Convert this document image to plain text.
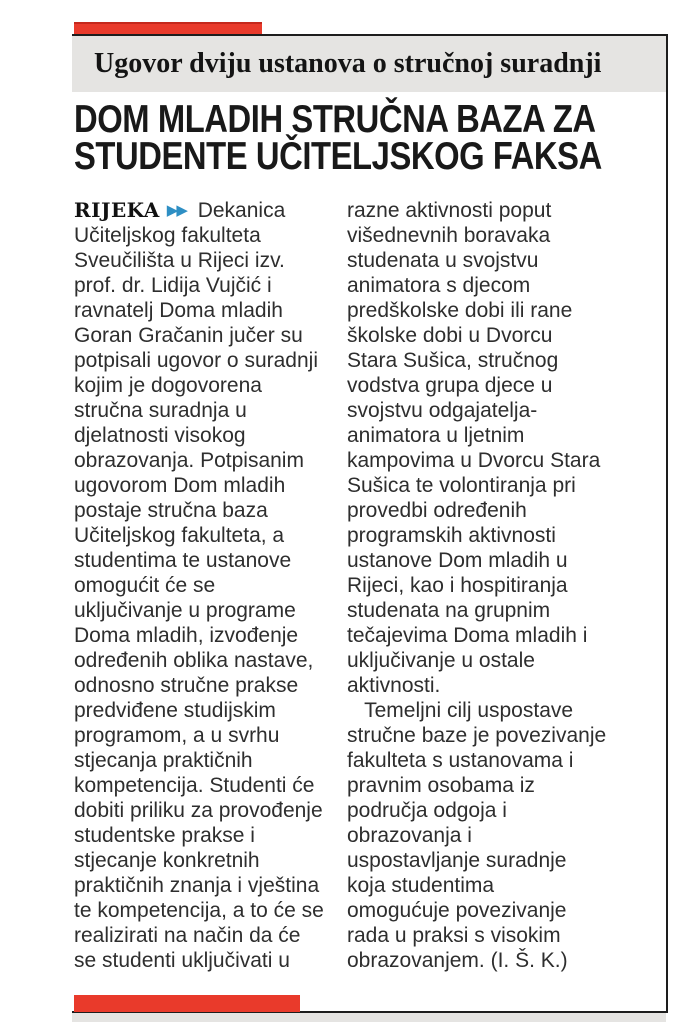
Ugovor dviju ustanova o stručnoj suradnji
DOM MLADIH STRUČNA BAZA ZA
STUDENTE UČITELJSKOG FAKSA
RIJEKA ▶▶ Dekanica
Učiteljskog fakulteta
Sveučilišta u Rijeci izv.
prof. dr. Lidija Vujčić i
ravnatelj Doma mladih
Goran Gračanin jučer su
potpisali ugovor o suradnji
kojim je dogovorena
stručna suradnja u
djelatnosti visokog
obrazovanja. Potpisanim
ugovorom Dom mladih
postaje stručna baza
Učiteljskog fakulteta, a
studentima te ustanove
omogućit će se
uključivanje u programe
Doma mladih, izvođenje
određenih oblika nastave,
odnosno stručne prakse
predviđene studijskim
programom, a u svrhu
stjecanja praktičnih
kompetencija. Studenti će
dobiti priliku za provođenje
studentske prakse i
stjecanje konkretnih
praktičnih znanja i vještina
te kompetencija, a to će se
realizirati na način da će
se studenti uključivati u
razne aktivnosti poput
višednevnih boravaka
studenata u svojstvu
animatora s djecom
predškolske dobi ili rane
školske dobi u Dvorcu
Stara Sušica, stručnog
vodstva grupa djece u
svojstvu odgajatelja-
animatora u ljetnim
kampovima u Dvorcu Stara
Sušica te volontiranja pri
provedbi određenih
programskih aktivnosti
ustanove Dom mladih u
Rijeci, kao i hospitiranja
studenata na grupnim
tečajevima Doma mladih i
uključivanje u ostale
aktivnosti.
Temeljni cilj uspostave
stručne baze je povezivanje
fakulteta s ustanovama i
pravnim osobama iz
područja odgoja i
obrazovanja i
uspostavljanje suradnje
koja studentima
omogućuje povezivanje
rada u praksi s visokim
obrazovanjem. (I. Š. K.)
